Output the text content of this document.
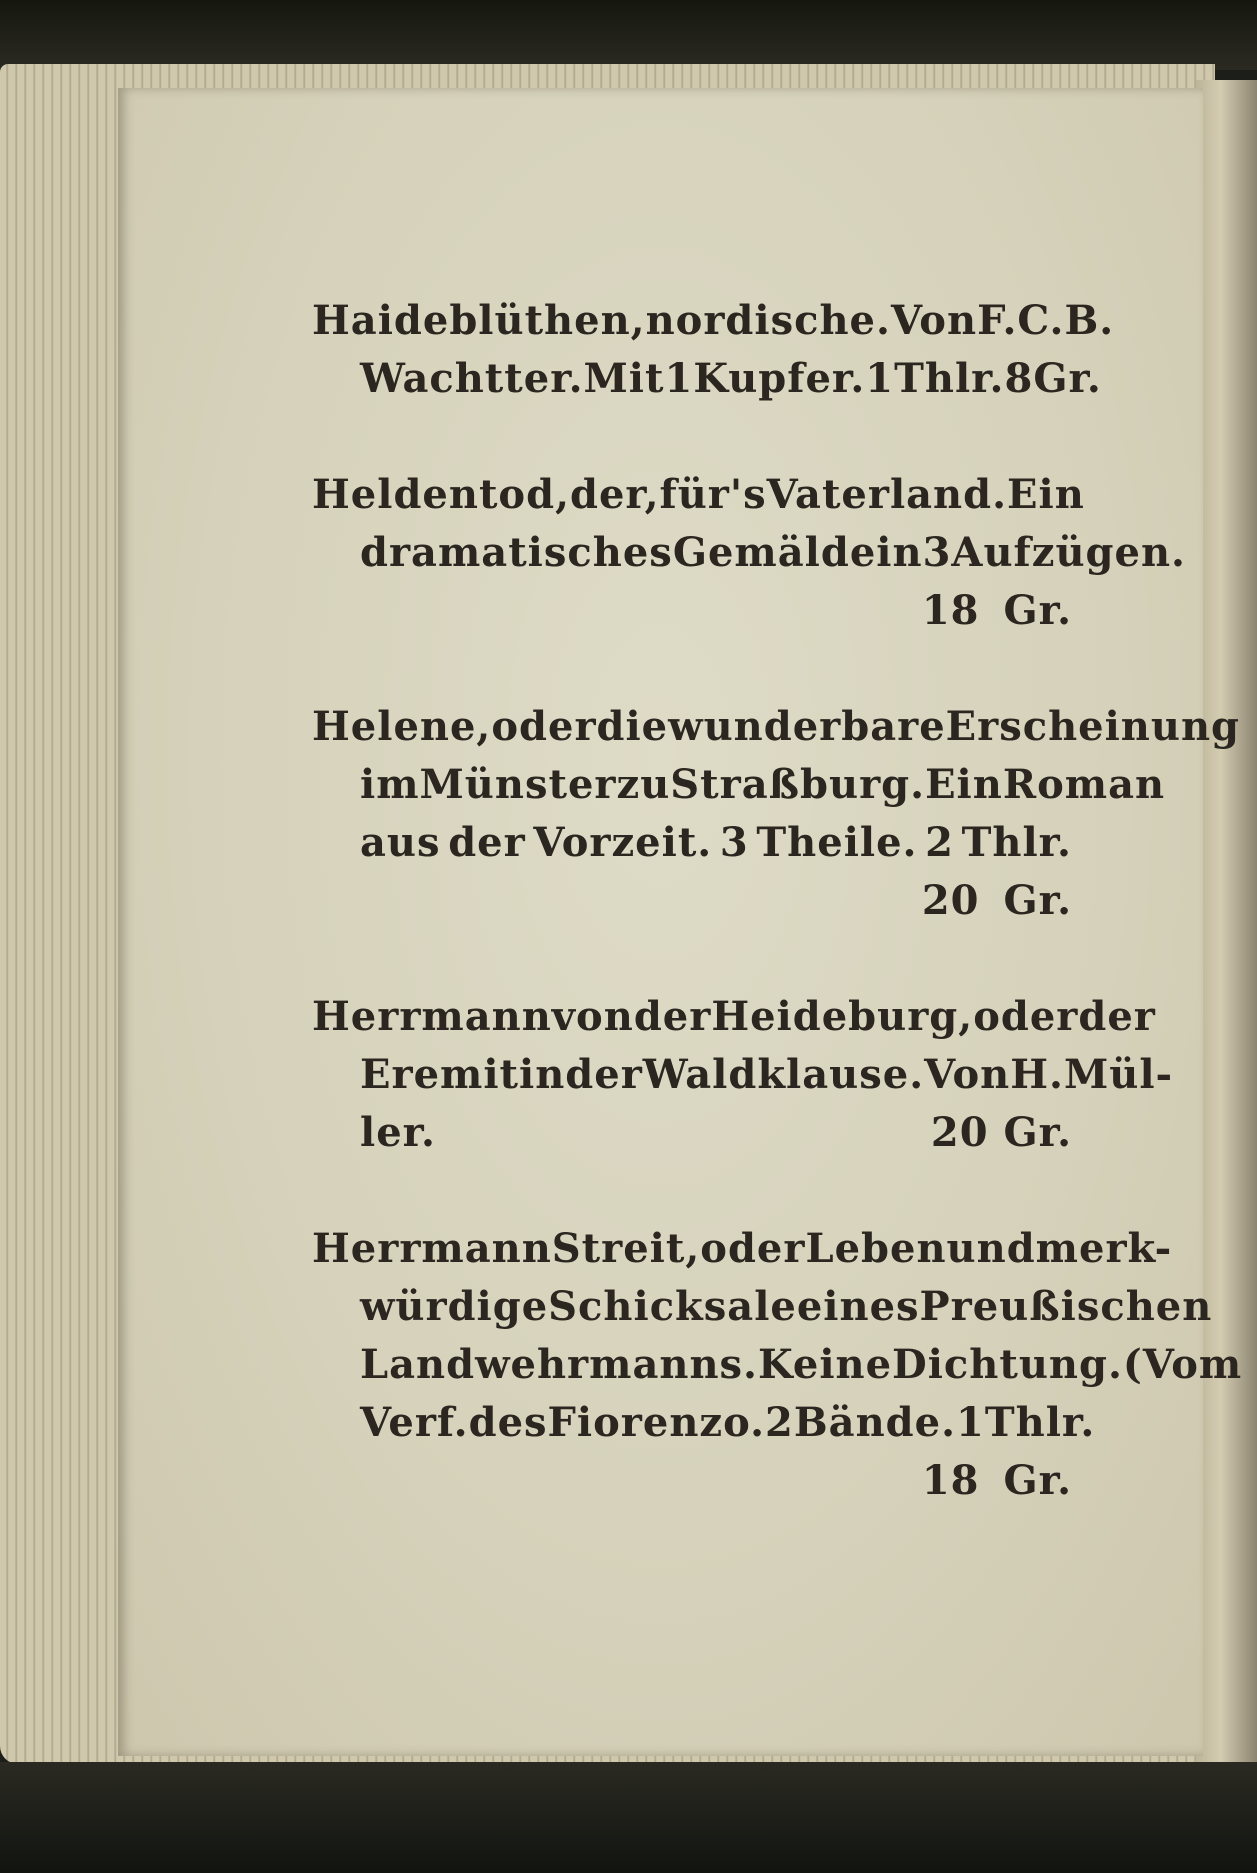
Haideblüthen, nordische. Von F. C. B.
Wachtter. Mit 1 Kupfer. 1 Thlr. 8 Gr.
Heldentod, der, für's Vaterland. Ein
dramatisches Gemälde in 3 Aufzügen.
18 Gr.
Helene, oder die wunderbare Erscheinung
im Münster zu Straßburg. Ein Roman
aus der Vorzeit. 3 Theile. 2 Thlr.
20 Gr.
Herrmann von der Heideburg, oder der
Eremit in der Waldklause. Von H. Mül-
ler.	20 Gr.
Herrmann Streit, oder Leben und merk-
würdige Schicksale eines Preußischen
Landwehrmanns. Keine Dichtung. (Vom
Verf. des Fiorenzo. 2 Bände. 1 Thlr.
18 Gr.
